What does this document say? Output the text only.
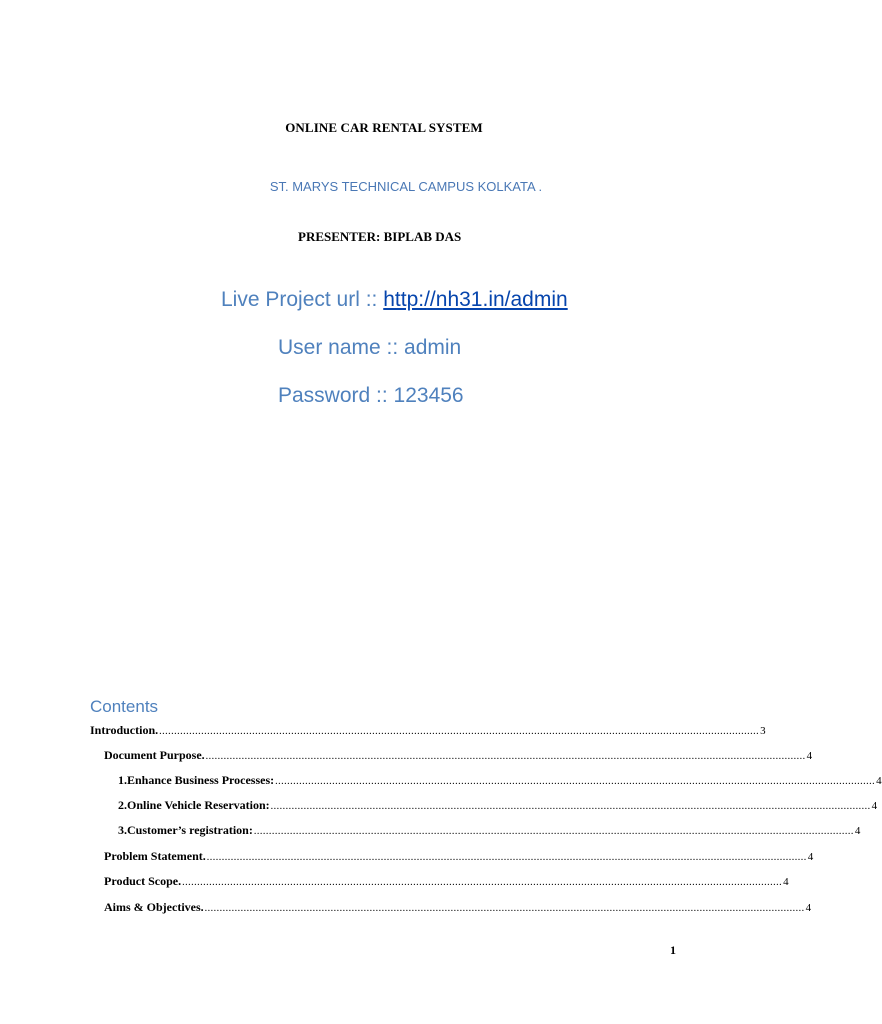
ONLINE CAR RENTAL SYSTEM
ST. MARYS TECHNICAL CAMPUS KOLKATA .
PRESENTER: BIPLAB DAS
Live Project url :: http://nh31.in/admin
User name :: admin
Password :: 123456
Contents
Introduction. ........................................................................................................................................................................................................ 3
Document Purpose. ........................................................................................................................................................................................................ 4
1. Enhance Business Processes: ........................................................................................................................................................................................................ 4
2. Online Vehicle Reservation: ........................................................................................................................................................................................................ 4
3. Customer’s registration: ........................................................................................................................................................................................................ 4
Problem Statement. ........................................................................................................................................................................................................ 4
Product Scope. ........................................................................................................................................................................................................ 4
Aims & Objectives. ........................................................................................................................................................................................................ 4
1
